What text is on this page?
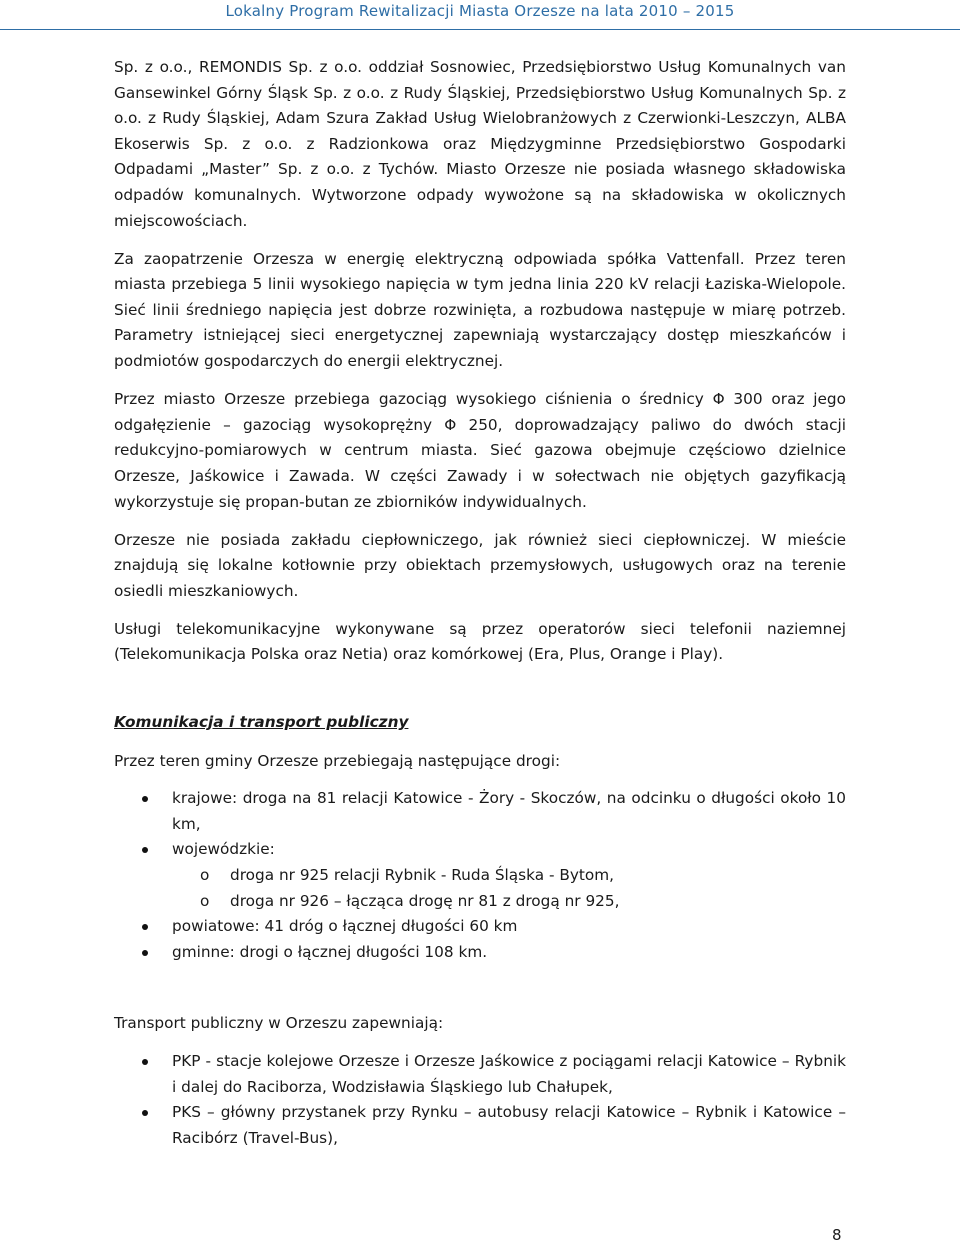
Lokalny Program Rewitalizacji Miasta Orzesze na lata 2010 – 2015

Sp. z o.o., REMONDIS Sp. z o.o. oddział Sosnowiec, Przedsiębiorstwo Usług Komunalnych van Gansewinkel Górny Śląsk Sp. z o.o. z Rudy Śląskiej, Przedsiębiorstwo Usług Komunalnych Sp. z o.o. z Rudy Śląskiej, Adam Szura Zakład Usług Wielobranżowych z Czerwionki-Leszczyn, ALBA Ekoserwis Sp. z o.o. z Radzionkowa oraz Międzygminne Przedsiębiorstwo Gospodarki Odpadami „Master” Sp. z o.o. z Tychów. Miasto Orzesze nie posiada własnego składowiska odpadów komunalnych. Wytworzone odpady wywożone są na składowiska w okolicznych miejscowościach.

Za zaopatrzenie Orzesza w energię elektryczną odpowiada spółka Vattenfall. Przez teren miasta przebiega 5 linii wysokiego napięcia w tym jedna linia 220 kV relacji Łaziska-Wielopole. Sieć linii średniego napięcia jest dobrze rozwinięta, a rozbudowa następuje w miarę potrzeb. Parametry istniejącej sieci energetycznej zapewniają wystarczający dostęp mieszkańców i podmiotów gospodarczych do energii elektrycznej.

Przez miasto Orzesze przebiega gazociąg wysokiego ciśnienia o średnicy Φ 300 oraz jego odgałęzienie – gazociąg wysokoprężny Φ 250, doprowadzający paliwo do dwóch stacji redukcyjno-pomiarowych w centrum miasta. Sieć gazowa obejmuje częściowo dzielnice Orzesze, Jaśkowice i Zawada. W części Zawady i w sołectwach nie objętych gazyfikacją wykorzystuje się propan-butan ze zbiorników indywidualnych.

Orzesze nie posiada zakładu ciepłowniczego, jak również sieci ciepłowniczej. W mieście znajdują się lokalne kotłownie przy obiektach przemysłowych, usługowych oraz na terenie osiedli mieszkaniowych.

Usługi telekomunikacyjne wykonywane są przez operatorów sieci telefonii naziemnej (Telekomunikacja Polska oraz Netia) oraz komórkowej (Era, Plus, Orange i Play).

Komunikacja i transport publiczny

Przez teren gminy Orzesze przebiegają następujące drogi:

krajowe: droga na 81 relacji Katowice - Żory - Skoczów, na odcinku o długości około 10 km,
wojewódzkie:
o droga nr 925 relacji Rybnik - Ruda Śląska - Bytom,
o droga nr 926 – łącząca drogę nr 81 z drogą nr 925,
powiatowe: 41 dróg o łącznej długości 60 km
gminne: drogi o łącznej długości 108 km.

Transport publiczny w Orzeszu zapewniają:

PKP - stacje kolejowe Orzesze i Orzesze Jaśkowice z pociągami relacji Katowice – Rybnik i dalej do Raciborza, Wodzisławia Śląskiego lub Chałupek,
PKS – główny przystanek przy Rynku – autobusy relacji Katowice – Rybnik i Katowice – Racibórz (Travel-Bus),
8
